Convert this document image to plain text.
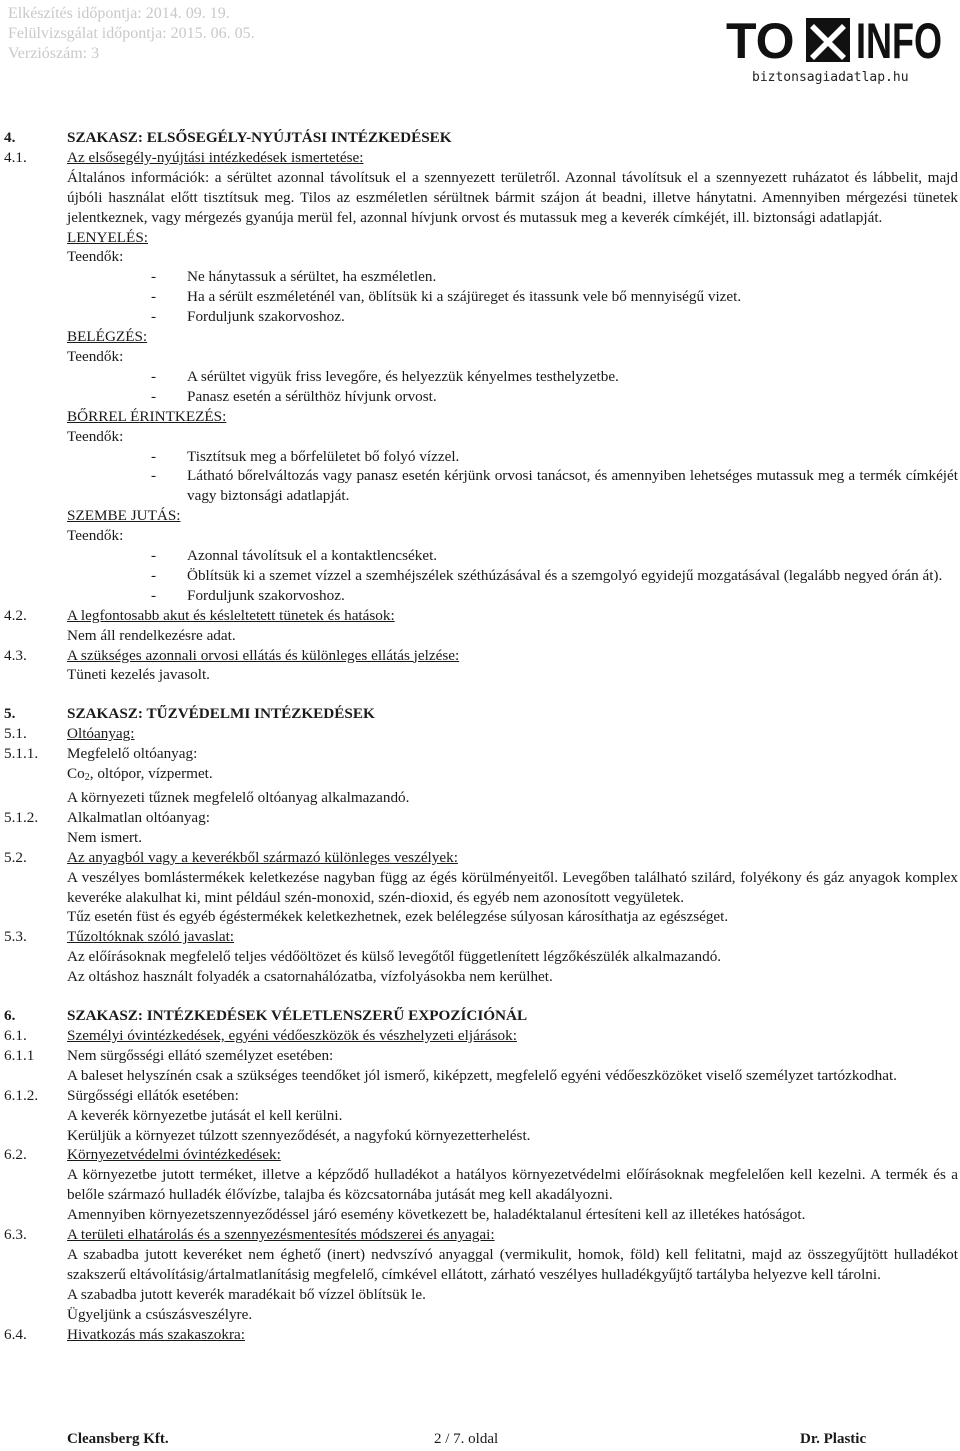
Elkészítés időpontja: 2014. 09. 19.
Felülvizsgálat időpontja: 2015. 06. 05.
Verziószám: 3	TO INFO
biztonsagiadatlap.hu
4.	SZAKASZ: ELSŐSEGÉLY-NYÚJTÁSI INTÉZKEDÉSEK
4.1.	Az elsősegély-nyújtási intézkedések ismertetése:
Általános információk: a sérültet azonnal távolítsuk el a szennyezett területről. Azonnal távolítsuk el a szennyezett ruházatot és lábbelit, majd újbóli használat előtt tisztítsuk meg. Tilos az eszméletlen sérültnek bármit szájon át beadni, illetve hánytatni. Amennyiben mérgezési tünetek jelentkeznek, vagy mérgezés gyanúja merül fel, azonnal hívjunk orvost és mutassuk meg a keverék címkéjét, ill. biztonsági adatlapját.
LENYELÉS:
Teendők:
- Ne hánytassuk a sérültet, ha eszméletlen.
- Ha a sérült eszméleténél van, öblítsük ki a szájüreget és itassunk vele bő mennyiségű vizet.
- Forduljunk szakorvoshoz.
BELÉGZÉS:
Teendők:
- A sérültet vigyük friss levegőre, és helyezzük kényelmes testhelyzetbe.
- Panasz esetén a sérülthöz hívjunk orvost.
BŐRREL ÉRINTKEZÉS:
Teendők:
- Tisztítsuk meg a bőrfelületet bő folyó vízzel.
- Látható bőrelváltozás vagy panasz esetén kérjünk orvosi tanácsot, és amennyiben lehetséges mutassuk meg a termék címkéjét vagy biztonsági adatlapját.
SZEMBE JUTÁS:
Teendők:
- Azonnal távolítsuk el a kontaktlencséket.
- Öblítsük ki a szemet vízzel a szemhéjszélek széthúzásával és a szemgolyó egyidejű mozgatásával (legalább negyed órán át).
- Forduljunk szakorvoshoz.
4.2.	A legfontosabb akut és késleltetett tünetek és hatások:
Nem áll rendelkezésre adat.
4.3.	A szükséges azonnali orvosi ellátás és különleges ellátás jelzése:
Tüneti kezelés javasolt.
5.	SZAKASZ: TŰZVÉDELMI INTÉZKEDÉSEK
5.1.	Oltóanyag:
5.1.1. Megfelelő oltóanyag:
$Co_2$, oltópor, vízpermet.
A környezeti tűznek megfelelő oltóanyag alkalmazandó.
5.1.2. Alkalmatlan oltóanyag:
Nem ismert.
5.2.	Az anyagból vagy a keverékből származó különleges veszélyek:
A veszélyes bomlástermékek keletkezése nagyban függ az égés körülményeitől. Levegőben található szilárd, folyékony és gáz anyagok komplex keveréke alakulhat ki, mint például szén-monoxid, szén-dioxid, és egyéb nem azonosított vegyületek.
Tűz esetén füst és egyéb égéstermékek keletkezhetnek, ezek belélegzése súlyosan károsíthatja az egészséget.
5.3.	Tűzoltóknak szóló javaslat:
Az előírásoknak megfelelő teljes védőöltözet és külső levegőtől független​ített légzőkészülék alkalmazandó.
Az oltáshoz használt folyadék a csatornahálózatba, vízfolyásokba nem kerülhet.
6.	SZAKASZ: INTÉZKEDÉSEK VÉLETLENSZERŰ EXPOZÍCIÓNÁL
6.1.	Személyi óvintézkedések, egyéni védőeszközök és vészhelyzeti eljárások:
6.1.1 Nem sürgősségi ellátó személyzet esetében:
A baleset helyszínén csak a szükséges teendőket jól ismerő, kiképzett, megfelelő egyéni védőeszközöket viselő személyzet tartózkodhat.
6.1.2. Sürgősségi ellátók esetében:
A keverék környezetbe jutását el kell kerülni.
Kerüljük a környezet túlzott szennyeződését, a nagyfokú környezetterhelést.
6.2.	Környezetvédelmi óvintézkedések:
A környezetbe jutott terméket, illetve a képződő hulladékot a hatályos környezetvédelmi előírásoknak megfelelően kell kezelni. A termék és a belőle származó hulladék élővízbe, talajba és közcsatornába jutását meg kell akadályozni.
Amennyiben környezetszennyeződéssel járó esemény következett be, haladéktalanul értesíteni kell az illetékes hatóságot.
6.3.	A területi elhatárolás és a szennyezésmentesítés módszerei és anyagai:
A szabadba jutott keveréket nem éghető (inert) nedvszívó anyaggal (vermikulit, homok, föld) kell felitatni, majd az összegyűjtött hulladékot szakszerű eltávolításig/ártalmatlanításig megfelelő, címkével ellátott, zárható veszélyes hulladékgyűjtő tartályba helyezve kell tárolni.
A szabadba jutott keverék maradékait bő vízzel öblítsük le.
Ügyeljünk a csúszásveszélyre.
6.4.	Hivatkozás más szakaszokra:
Cleansberg Kft.	2 / 7. oldal	Dr. Plastic
